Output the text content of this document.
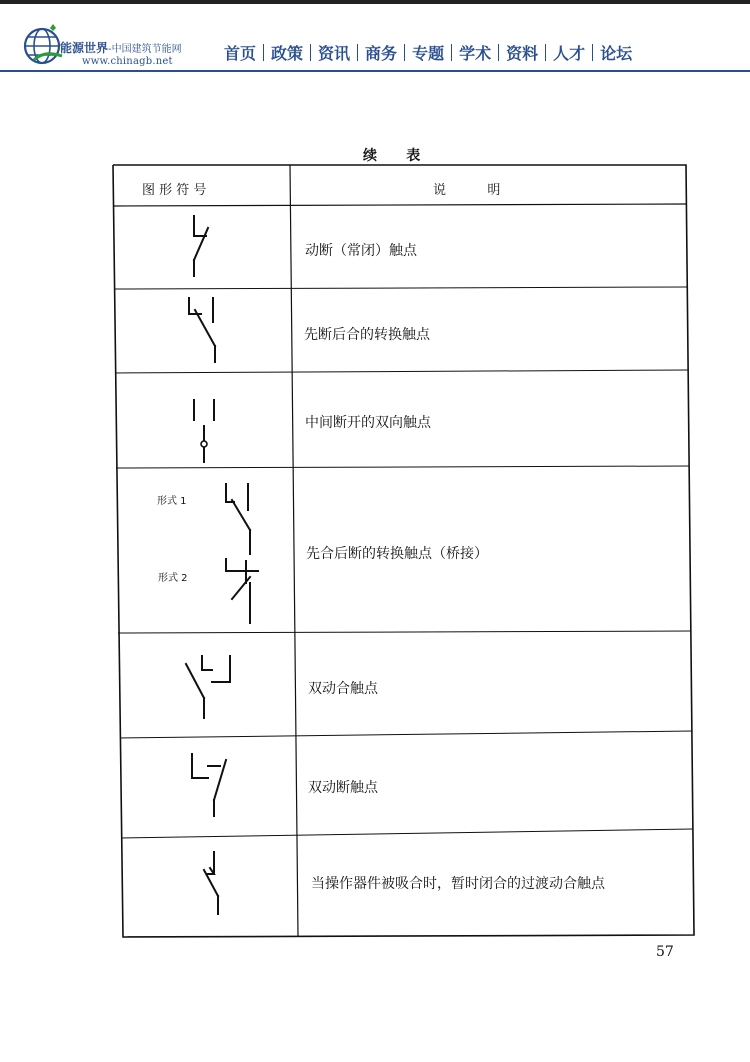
能源世界-中国建筑节能网
www.chinagb.net	首页 政策 资讯 商务 专题 学术 资料 人才 论坛
续      表
图 形 符 号	说          明
动断（常闭）触点
先断后合的转换触点
中间断开的双向触点
形式 1
形式 2
先合后断的转换触点（桥接）
双动合触点
双动断触点
当操作器件被吸合时，暂时闭合的过渡动合触点
57
